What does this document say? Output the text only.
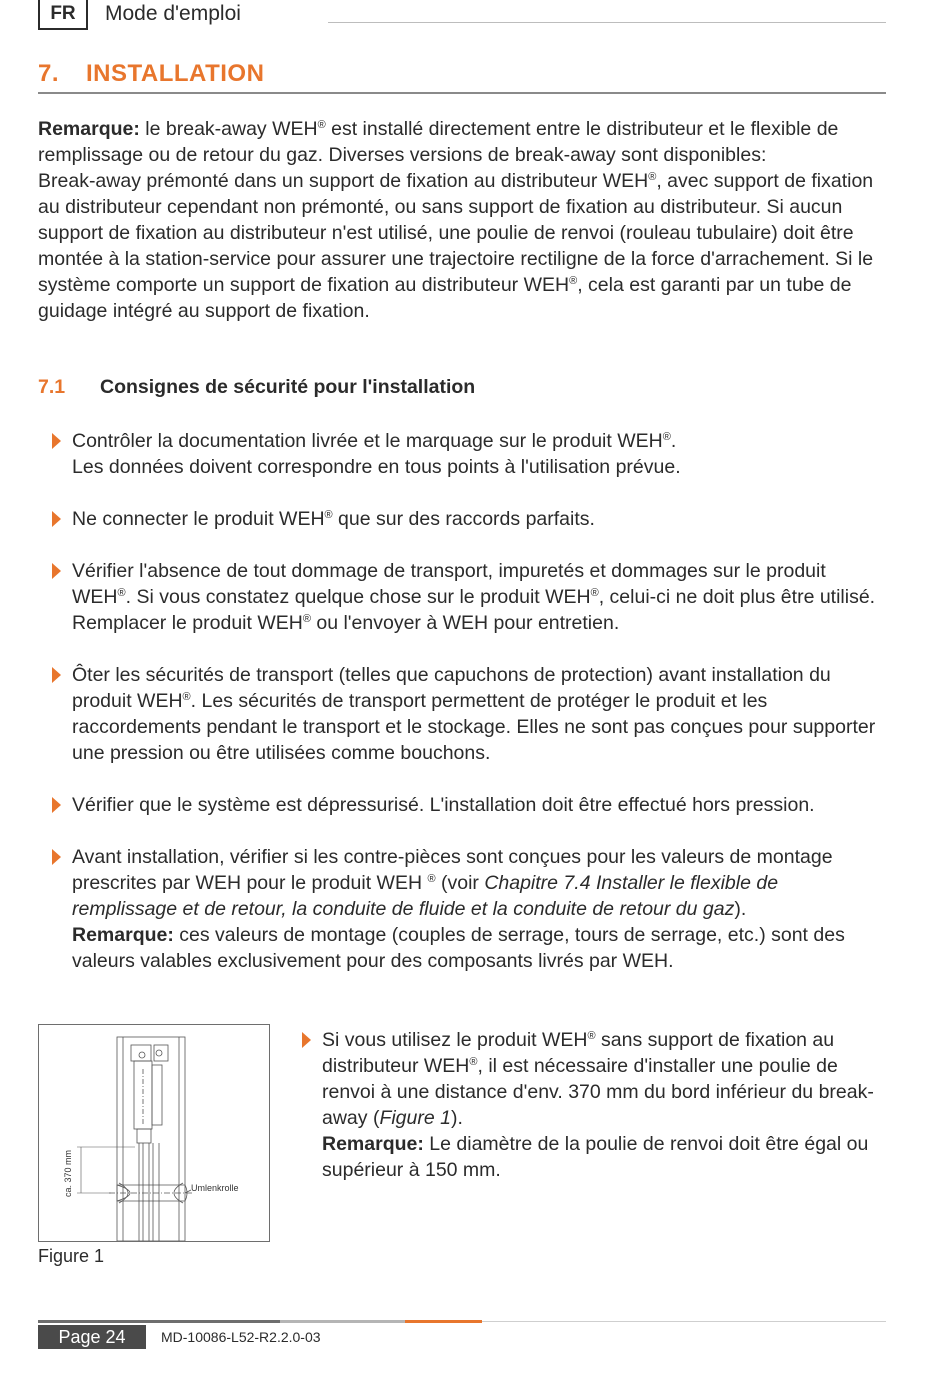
FR	Mode d'emploi
7. INSTALLATION

Remarque: le break-away WEH® est installé directement entre le distributeur et le flexible de remplissage ou de retour du gaz. Diverses versions de break-away sont disponibles:

Break-away prémonté dans un support de fixation au distributeur WEH®, avec support de fixation au distributeur cependant non prémonté, ou sans support de fixation au distributeur. Si aucun support de fixation au distributeur n'est utilisé, une poulie de renvoi (rouleau tubulaire) doit être montée à la station-service pour assurer une trajectoire rectiligne de la force d'arrachement. Si le système comporte un support de fixation au distributeur WEH®, cela est garanti par un tube de guidage intégré au support de fixation.

7.1 Consignes de sécurité pour l'installation

Contrôler la documentation livrée et le marquage sur le produit WEH®.

Les données doivent correspondre en tous points à l'utilisation prévue.

Ne connecter le produit WEH® que sur des raccords parfaits.

Vérifier l'absence de tout dommage de transport, impuretés et dommages sur le produit WEH®. Si vous constatez quelque chose sur le produit WEH®, celui-ci ne doit plus être utilisé. Remplacer le produit WEH® ou l'envoyer à WEH pour entretien.

Ôter les sécurités de transport (telles que capuchons de protection) avant installation du produit WEH®. Les sécurités de transport permettent de protéger le produit et les raccordements pendant le transport et le stockage. Elles ne sont pas conçues pour supporter une pression ou être utilisées comme bouchons.

Vérifier que le système est dépressurisé. L'installation doit être effectué hors pression.

Avant installation, vérifier si les contre-pièces sont conçues pour les valeurs de montage prescrites par WEH pour le produit WEH ® (voir Chapitre 7.4 Installer le flexible de remplissage et de retour, la conduite de fluide et la conduite de retour du gaz).

Remarque: ces valeurs de montage (couples de serrage, tours de serrage, etc.) sont des valeurs valables exclusivement pour des composants livrés par WEH.

Umlenkrolle
ca. 370 mm
Figure 1

Si vous utilisez le produit WEH® sans support de fixation au distributeur WEH®, il est nécessaire d'installer une poulie de renvoi à une distance d'env. 370 mm du bord inférieur du break-away (Figure 1).

Remarque: Le diamètre de la poulie de renvoi doit être égal ou supérieur à 150 mm.

Page 24	MD-10086-L52-R2.2.0-03
